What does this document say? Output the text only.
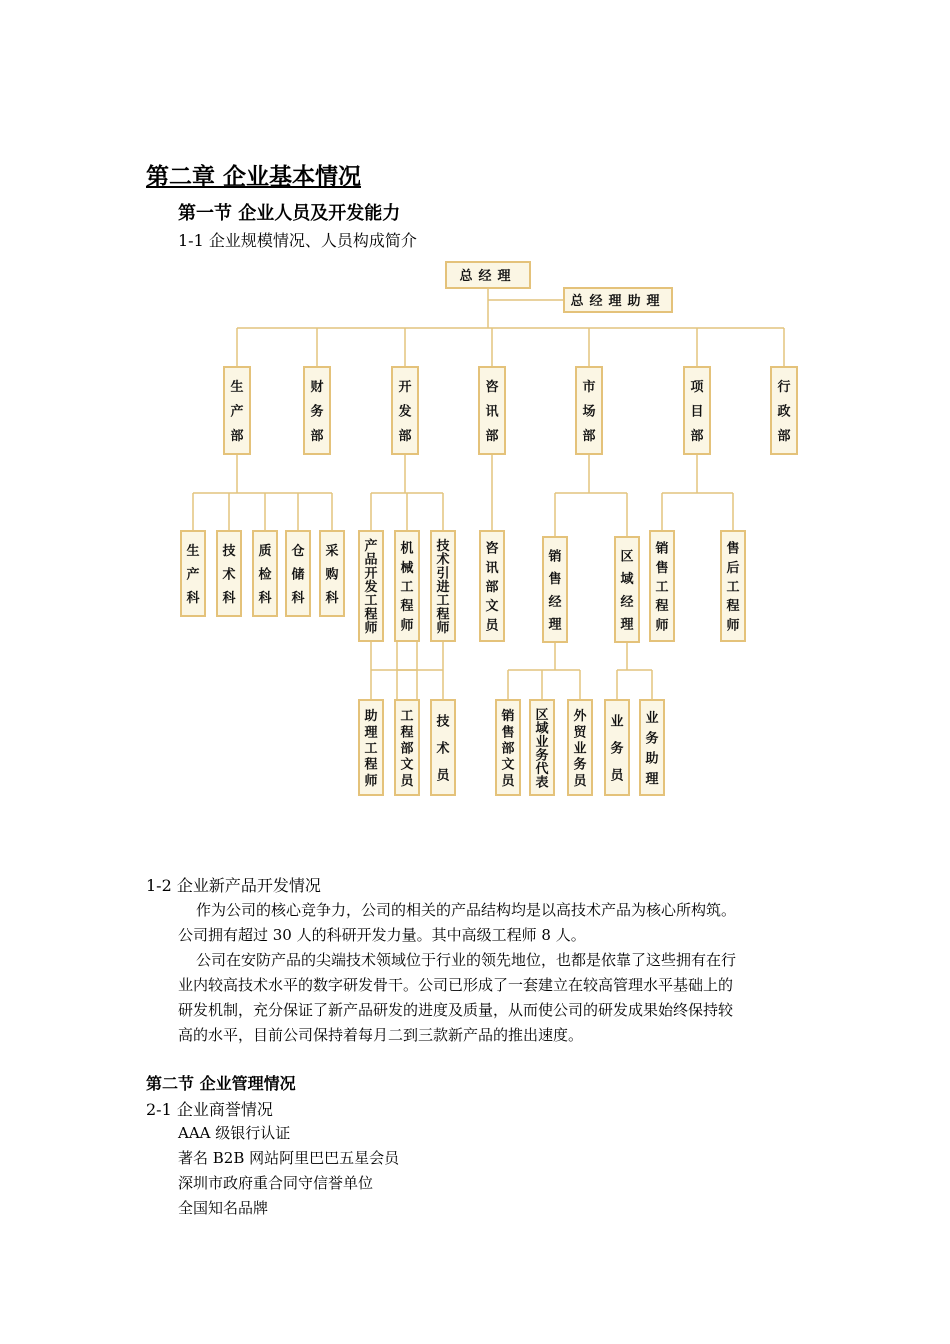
第二章 企业基本情况
第一节 企业人员及开发能力
1-1 企业规模情况、人员构成简介
总经理
总经理助理
生产部
财务部
开发部
咨讯部
市场部
项目部
行政部
生产科
技术科
质检科
仓储科
采购科
产品开发工程师
机械工程师
技术引进工程师
助理工程师
工程部文员
技术员
咨讯部文员
销售经理
区域经理
销售部文员
区域业务代表
外贸业务员
业务员
业务助理
销售工程师
售后工程师
1-2 企业新产品开发情况
作为公司的核心竞争力，公司的相关的产品结构均是以高技术产品为核心所构筑。
公司拥有超过 30 人的科研开发力量。其中高级工程师 8 人。
公司在安防产品的尖端技术领域位于行业的领先地位，也都是依靠了这些拥有在行
业内较高技术水平的数字研发骨干。公司已形成了一套建立在较高管理水平基础上的
研发机制，充分保证了新产品研发的进度及质量，从而使公司的研发成果始终保持较
高的水平，目前公司保持着每月二到三款新产品的推出速度。
第二节 企业管理情况
2-1 企业商誉情况
AAA 级银行认证
著名 B2B 网站阿里巴巴五星会员
深圳市政府重合同守信誉单位
全国知名品牌
